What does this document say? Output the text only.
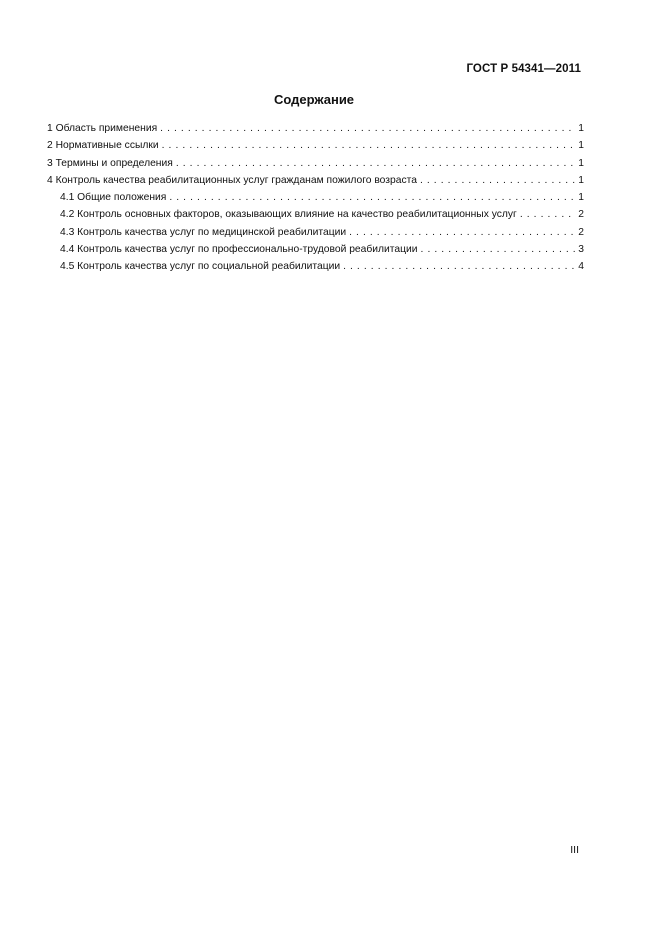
ГОСТ Р 54341—2011
Содержание
1 Область применения . . .	1
2 Нормативные ссылки . . .	1
3 Термины и определения . . .	1
4 Контроль качества реабилитационных услуг гражданам пожилого возраста . . .	1
4.1 Общие положения . . .	1
4.2 Контроль основных факторов, оказывающих влияние на качество реабилитационных услуг . . .	2
4.3 Контроль качества услуг по медицинской реабилитации . . .	2
4.4 Контроль качества услуг по профессионально-трудовой реабилитации . . .	3
4.5 Контроль качества услуг по социальной реабилитации . . .	4
III
